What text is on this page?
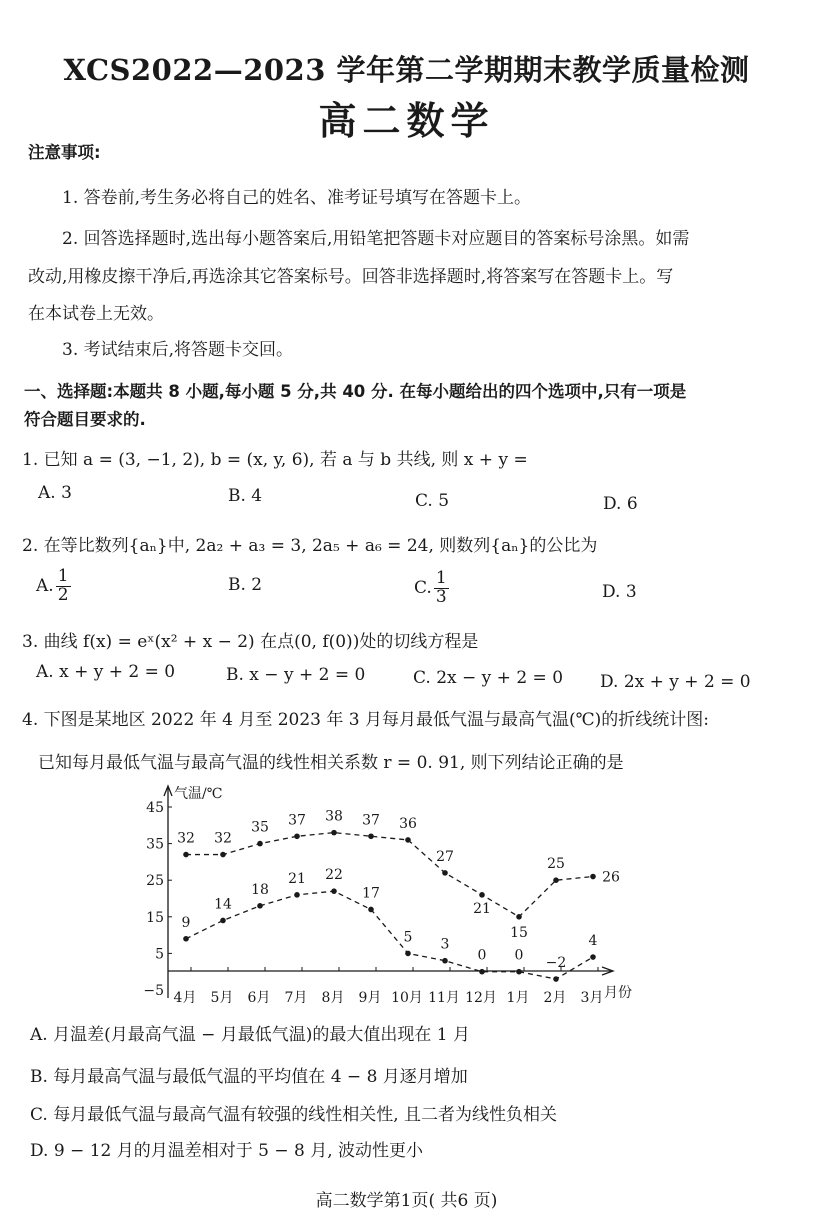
XCS2022—2023 学年第二学期期末教学质量检测
高二数学
注意事项:
1. 答卷前,考生务必将自己的姓名、准考证号填写在答题卡上。
2. 回答选择题时,选出每小题答案后,用铅笔把答题卡对应题目的答案标号涂黑。如需
改动,用橡皮擦干净后,再选涂其它答案标号。回答非选择题时,将答案写在答题卡上。写
在本试卷上无效。
3. 考试结束后,将答题卡交回。
一、选择题:本题共 8 小题,每小题 5 分,共 40 分. 在每小题给出的四个选项中,只有一项是
符合题目要求的.
1. 已知 a = (3, −1, 2), b = (x, y, 6), 若 a 与 b 共线, 则 x + y =
A. 3	B. 4	C. 5	D. 6
2. 在等比数列{aₙ}中, 2a₂ + a₃ = 3, 2a₅ + a₆ = 24, 则数列{aₙ}的公比为
A. $\frac{1}{2}$	B. 2	C. $\frac{1}{3}$	D. 3
3. 曲线 f(x) = eˣ(x² + x − 2) 在点(0, f(0))处的切线方程是
A. x + y + 2 = 0	B. x − y + 2 = 0	C. 2x − y + 2 = 0 D. 2x + y + 2 = 0
4. 下图是某地区 2022 年 4 月至 2023 年 3 月每月最低气温与最高气温(℃)的折线统计图:
已知每月最低气温与最高气温的线性相关系数 r = 0. 91, 则下列结论正确的是
45
35
25
15
5
−5
气温/℃
月份
4月 5月 6月 7月 8月 9月 10月 11月 12月 1月 2月 3月
32 32
35 37 38 37 36
27
21
15
25
26
9
14
18
21 22
17
5 3
0 0 −2
4
A. 月温差(月最高气温 − 月最低气温)的最大值出现在 1 月
B. 每月最高气温与最低气温的平均值在 4 − 8 月逐月增加
C. 每月最低气温与最高气温有较强的线性相关性, 且二者为线性负相关
D. 9 − 12 月的月温差相对于 5 − 8 月, 波动性更小
高二数学第1页( 共6 页)
